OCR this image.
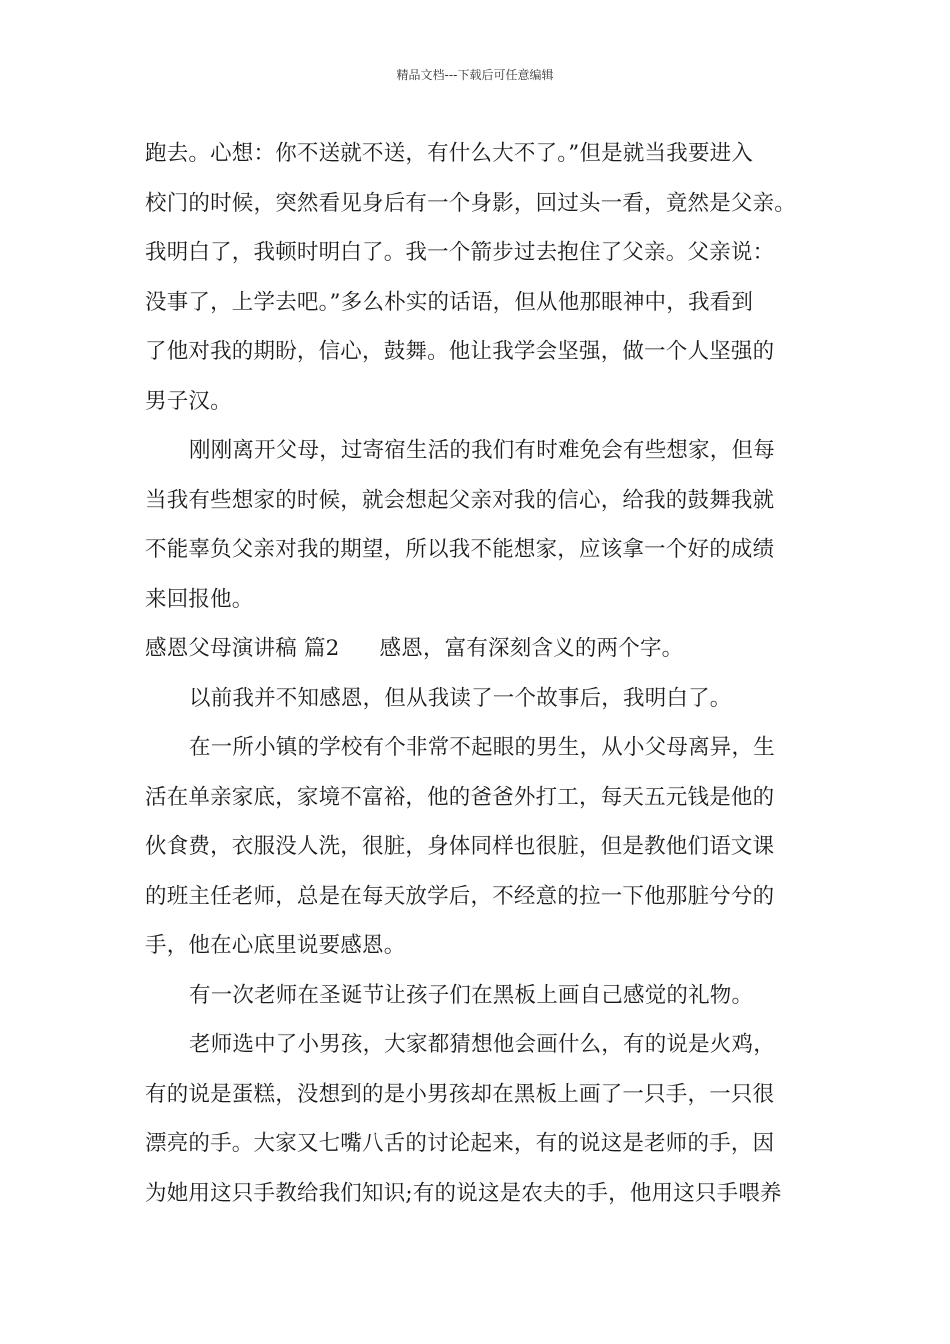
精品文档---下载后可任意编辑
跑去。心想：你不送就不送，有什么大不了。”但是就当我要进入
校门的时候，突然看见身后有一个身影，回过头一看，竟然是父亲。
我明白了，我顿时明白了。我一个箭步过去抱住了父亲。父亲说：
没事了，上学去吧。”多么朴实的话语，但从他那眼神中，我看到
了他对我的期盼，信心，鼓舞。他让我学会坚强，做一个人坚强的
男子汉。
刚刚离开父母，过寄宿生活的我们有时难免会有些想家，但每
当我有些想家的时候，就会想起父亲对我的信心，给我的鼓舞我就
不能辜负父亲对我的期望，所以我不能想家，应该拿一个好的成绩
来回报他。
感恩父母演讲稿 篇2 感恩，富有深刻含义的两个字。
以前我并不知感恩，但从我读了一个故事后，我明白了。
在一所小镇的学校有个非常不起眼的男生，从小父母离异，生
活在单亲家底，家境不富裕，他的爸爸外打工，每天五元钱是他的
伙食费，衣服没人洗，很脏，身体同样也很脏，但是教他们语文课
的班主任老师，总是在每天放学后，不经意的拉一下他那脏兮兮的
手，他在心底里说要感恩。
有一次老师在圣诞节让孩子们在黑板上画自己感觉的礼物。
老师选中了小男孩，大家都猜想他会画什么，有的说是火鸡，
有的说是蛋糕，没想到的是小男孩却在黑板上画了一只手，一只很
漂亮的手。大家又七嘴八舌的讨论起来，有的说这是老师的手，因
为她用这只手教给我们知识;有的说这是农夫的手，他用这只手喂养
